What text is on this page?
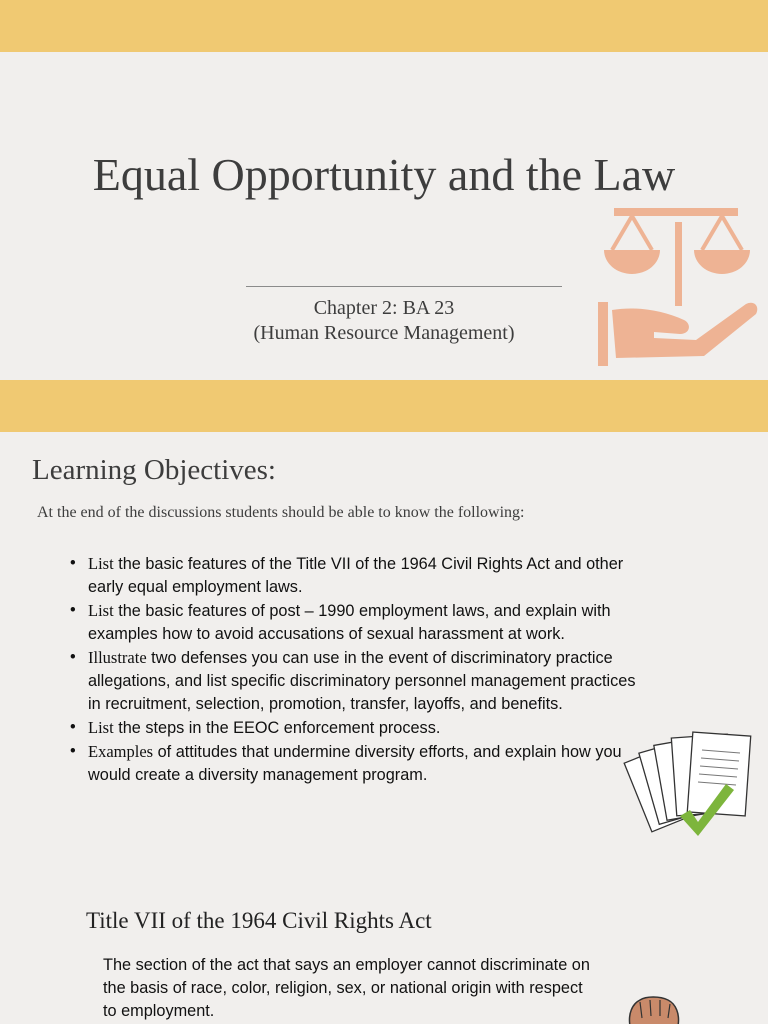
Equal Opportunity and the Law
Chapter 2: BA 23
(Human Resource Management)
Learning Objectives:
At the end of the discussions students should be able to know the following:
• List the basic features of the Title VII of the 1964 Civil Rights Act and other early equal employment laws.
• List the basic features of post – 1990 employment laws, and explain with examples how to avoid accusations of sexual harassment at work.
• Illustrate two defenses you can use in the event of discriminatory practice allegations, and list specific discriminatory personnel management practices in recruitment, selection, promotion, transfer, layoffs, and benefits.
• List the steps in the EEOC enforcement process.
• Examples of attitudes that undermine diversity efforts, and explain how you would create a diversity management program.
Title VII of the 1964 Civil Rights Act
The section of the act that says an employer cannot discriminate on the basis of race, color, religion, sex, or national origin with respect to employment.
